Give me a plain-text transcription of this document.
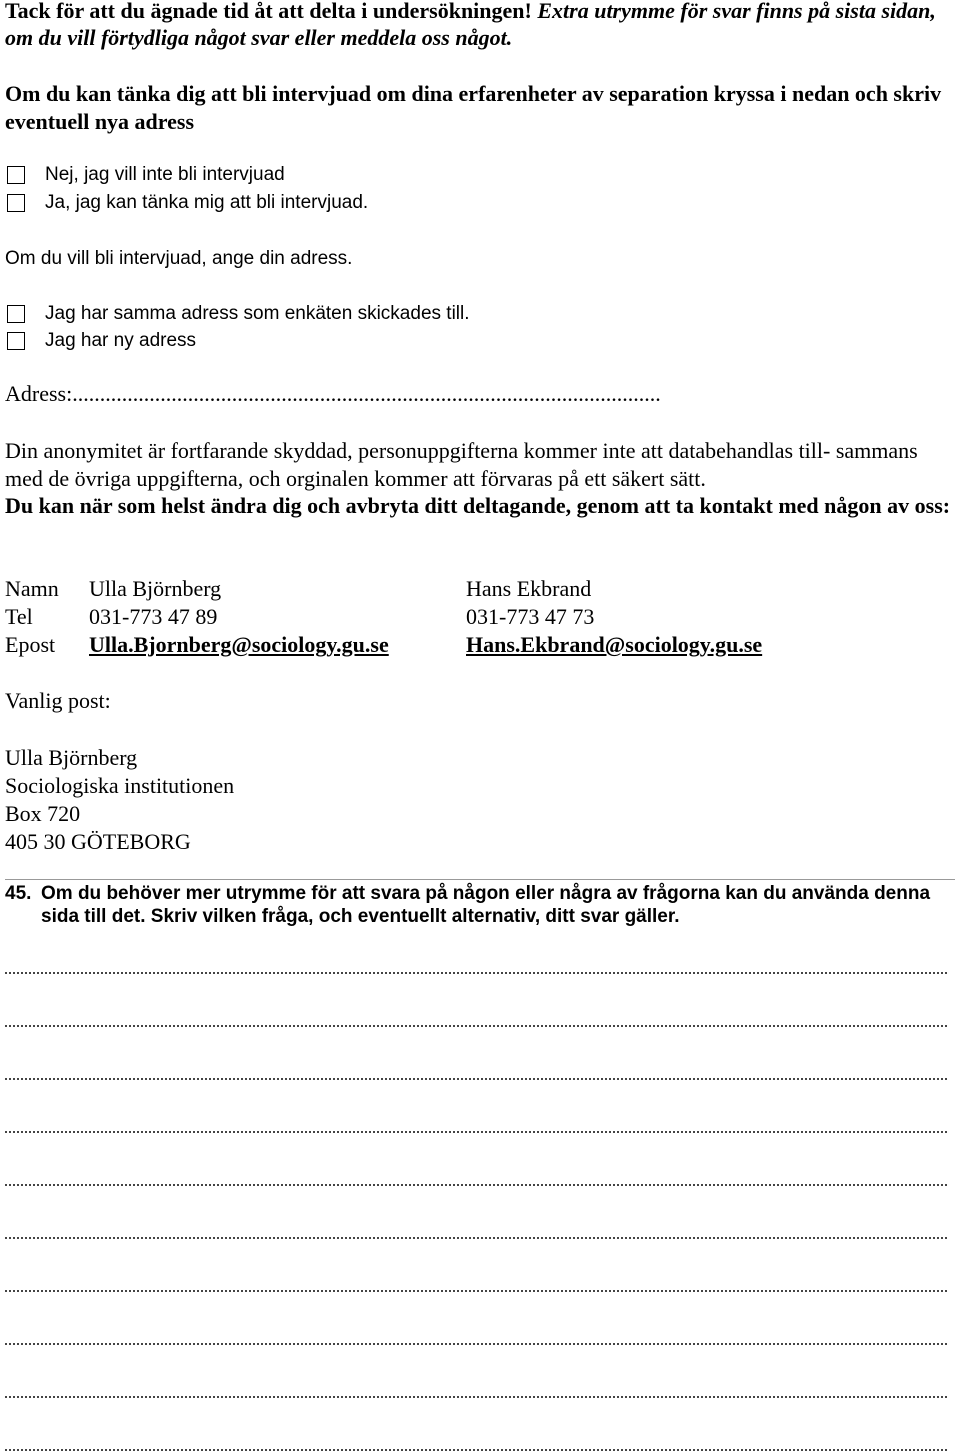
Tack för att du ägnade tid åt att delta i undersökningen! Extra utrymme för svar finns på sista sidan, om du vill förtydliga något svar eller meddela oss något.
Om du kan tänka dig att bli intervjuad om dina erfarenheter av separation kryssa i nedan och skriv eventuell nya adress
Nej, jag vill inte bli intervjuad
Ja, jag kan tänka mig att bli intervjuad.
Om du vill bli intervjuad, ange din adress.
Jag har samma adress som enkäten skickades till.
Jag har ny adress
Adress:...........................................................................................................
Din anonymitet är fortfarande skyddad, personuppgifterna kommer inte att databehandlas till- sammans med de övriga uppgifterna, och orginalen kommer att förvaras på ett säkert sätt.
Du kan när som helst ändra dig och avbryta ditt deltagande, genom att ta kontakt med någon av oss:
Namn Ulla Björnberg	Hans Ekbrand
Tel	031-773 47 89	031-773 47 73
Epost Ulla.Bjornberg@sociology.gu.se	Hans.Ekbrand@sociology.gu.se
Vanlig post:
Ulla Björnberg
Sociologiska institutionen
Box 720
405 30 GÖTEBORG
45. Om du behöver mer utrymme för att svara på någon eller några av frågorna kan du använda denna sida till det. Skriv vilken fråga, och eventuellt alternativ, ditt svar gäller.
